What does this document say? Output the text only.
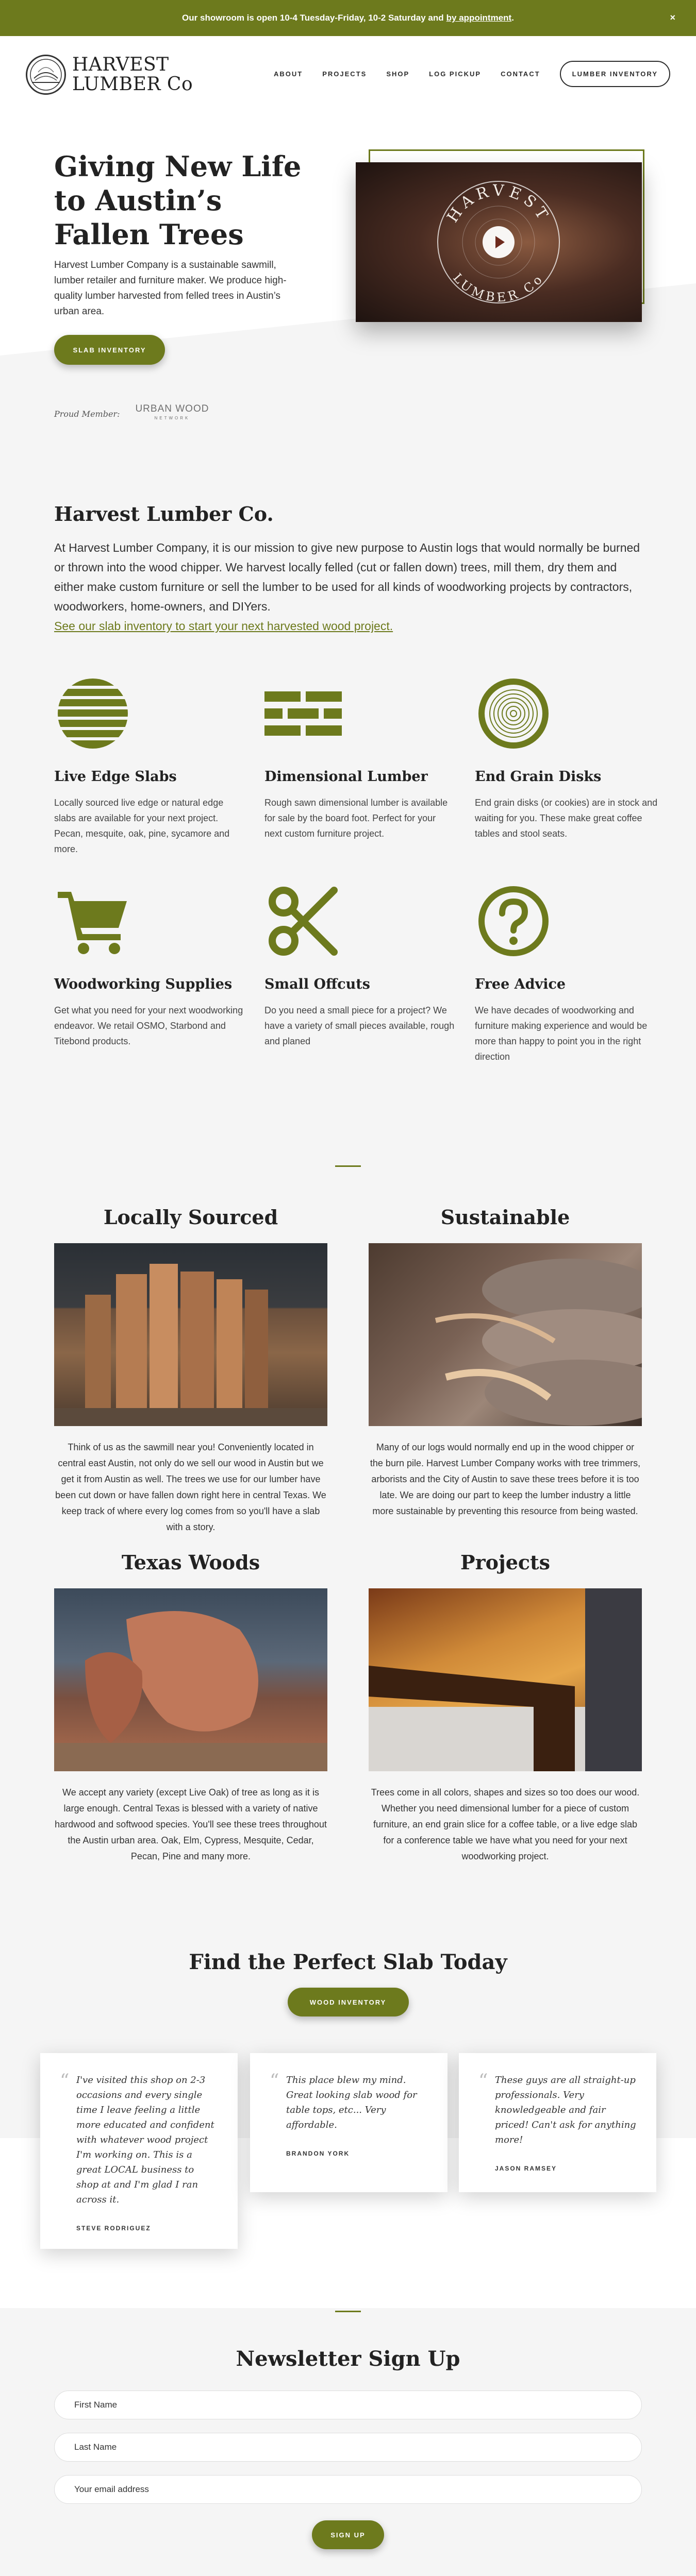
Our showroom is open 10-4 Tuesday-Friday, 10-2 Saturday and by appointment .	×
HARVEST
LUMBER Co	ABOUT	PROJECTS	SHOP	LOG PICKUP	CONTACT	LUMBER INVENTORY
Giving New Life to Austin’s Fallen Trees

Harvest Lumber Company is a sustainable sawmill, lumber retailer and furniture maker. We produce high-quality lumber harvested from felled trees in Austin’s urban area.

SLAB INVENTORY
HARVEST
LUMBER Co
Proud Member: URBAN WOOD
NETWORK
Harvest Lumber Co.

At Harvest Lumber Company, it is our mission to give new purpose to Austin logs that would normally be burned or thrown into the wood chipper. We harvest locally felled (cut or fallen down) trees, mill them, dry them and either make custom furniture or sell the lumber to be used for all kinds of woodworking projects by contractors, woodworkers, home-owners, and DIYers.

See our slab inventory to start your next harvested wood project.
Live Edge Slabs

Locally sourced live edge or natural edge slabs are available for your next project. Pecan, mesquite, oak, pine, sycamore and more.

Dimensional Lumber

Rough sawn dimensional lumber is available for sale by the board foot. Perfect for your next custom furniture project.

End Grain Disks

End grain disks (or cookies) are in stock and waiting for you. These make great coffee tables and stool seats.

Woodworking Supplies

Get what you need for your next woodworking endeavor. We retail OSMO, Starbond and Titebond products.

Small Offcuts

Do you need a small piece for a project? We have a variety of small pieces available, rough and planed

Free Advice

We have decades of woodworking and furniture making experience and would be more than happy to point you in the right direction

Locally Sourced

Think of us as the sawmill near you! Conveniently located in central east Austin, not only do we sell our wood in Austin but we get it from Austin as well. The trees we use for our lumber have been cut down or have fallen down right here in central Texas. We keep track of where every log comes from so you'll have a slab with a story.

Sustainable

Many of our logs would normally end up in the wood chipper or the burn pile. Harvest Lumber Company works with tree trimmers, arborists and the City of Austin to save these trees before it is too late. We are doing our part to keep the lumber industry a little more sustainable by preventing this resource from being wasted.

Texas Woods

We accept any variety (except Live Oak) of tree as long as it is large enough. Central Texas is blessed with a variety of native hardwood and softwood species. You'll see these trees throughout the Austin urban area. Oak, Elm, Cypress, Mesquite, Cedar, Pecan, Pine and many more.

Projects

Trees come in all colors, shapes and sizes so too does our wood. Whether you need dimensional lumber for a piece of custom furniture, an end grain slice for a coffee table, or a live edge slab for a conference table we have what you need for your next woodworking project.

Find the Perfect Slab Today
WOOD INVENTORY
“ I've visited this shop on 2-3 occasions and every single time I leave feeling a little more educated and confident with whatever wood project I'm working on. This is a great LOCAL business to shop at and I'm glad I ran across it.

STEVE RODRIGUEZ
“ This place blew my mind. Great looking slab wood for table tops, etc... Very affordable.

BRANDON YORK
“ These guys are all straight-up professionals. Very knowledgeable and fair priced! Can't ask for anything more!

JASON RAMSEY
Newsletter Sign Up
First Name
Last Name
Your email address SIGN UP
